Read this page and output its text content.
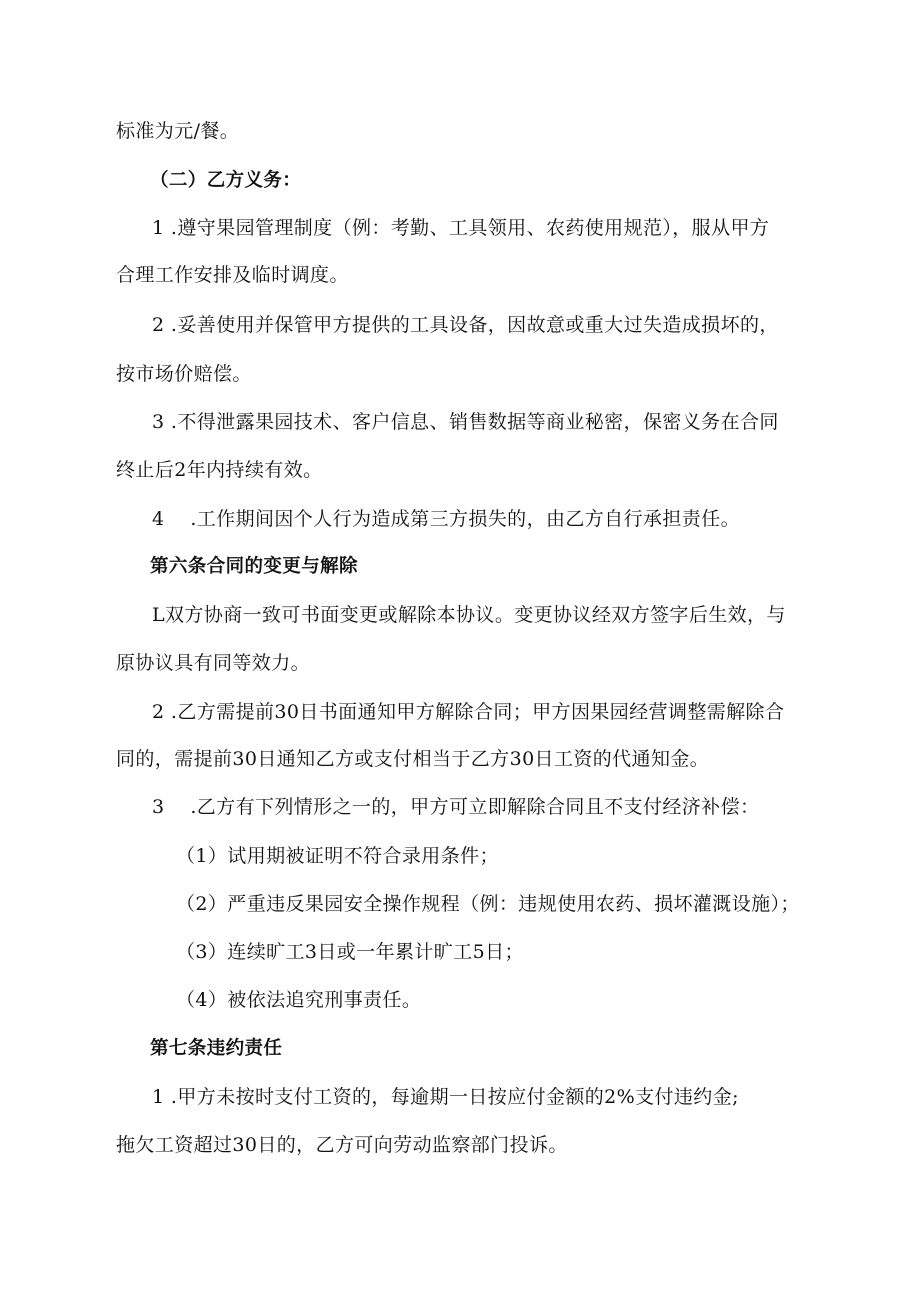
标准为元/餐。
（二）乙方义务：
1 .遵守果园管理制度（例：考勤、工具领用、农药使用规范），服从甲方
合理工作安排及临时调度。
2 .妥善使用并保管甲方提供的工具设备，因故意或重大过失造成损坏的，
按市场价赔偿。
3 .不得泄露果园技术、客户信息、销售数据等商业秘密，保密义务在合同
终止后2年内持续有效。
4  .工作期间因个人行为造成第三方损失的，由乙方自行承担责任。
第六条合同的变更与解除
L双方协商一致可书面变更或解除本协议。变更协议经双方签字后生效，与
原协议具有同等效力。
2 .乙方需提前30日书面通知甲方解除合同；甲方因果园经营调整需解除合
同的，需提前30日通知乙方或支付相当于乙方30日工资的代通知金。
3  .乙方有下列情形之一的，甲方可立即解除合同且不支付经济补偿：
（1）试用期被证明不符合录用条件；
（2）严重违反果园安全操作规程（例：违规使用农药、损坏灌溉设施）；
（3）连续旷工3日或一年累计旷工5日；
（4）被依法追究刑事责任。
第七条违约责任
1 .甲方未按时支付工资的，每逾期一日按应付金额的2%支付违约金;
拖欠工资超过30日的，乙方可向劳动监察部门投诉。
